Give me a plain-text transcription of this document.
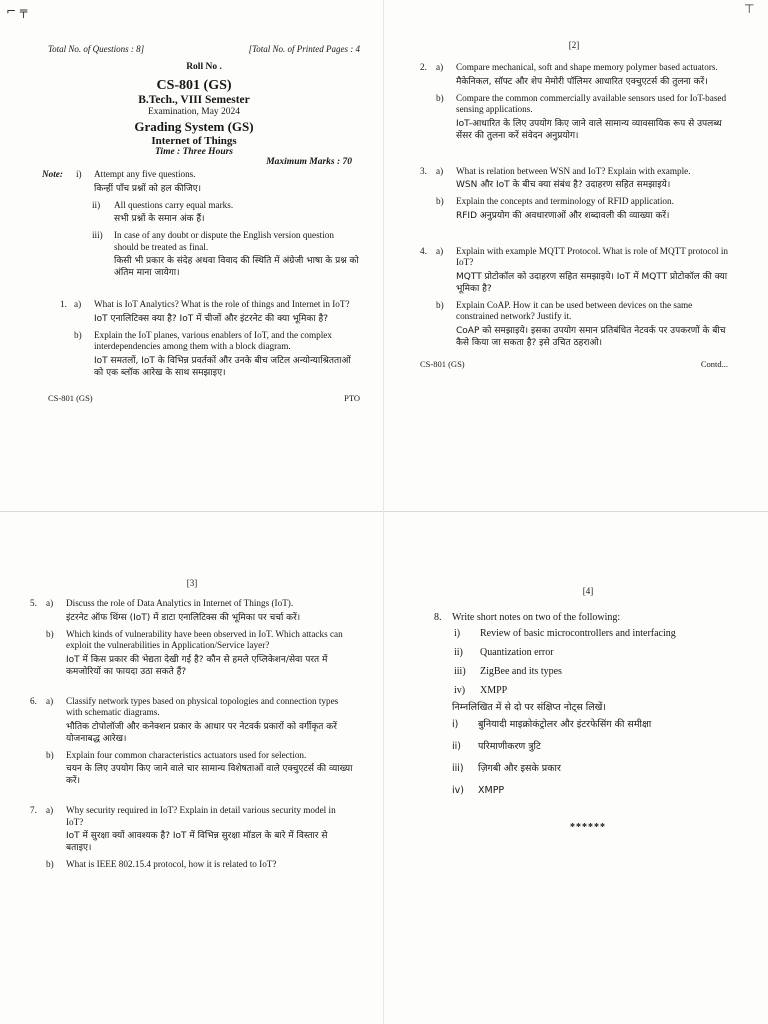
⌐ ╤	⊤
Total No. of Questions : 8]	[Total No. of Printed Pages : 4
Roll No .
CS-801 (GS)
B.Tech., VIII Semester
Examination, May 2024
Grading System (GS)
Internet of Things
Time : Three Hours
Maximum Marks : 70
Note:	i)	Attempt any five questions.
किन्हीं पाँच प्रश्नों को हल कीजिए।
ii)	All questions carry equal marks.
सभी प्रश्नों के समान अंक हैं।
iii)	In case of any doubt or dispute the English version question should be treated as final.
किसी भी प्रकार के संदेह अथवा विवाद की स्थिति में अंग्रेजी भाषा के प्रश्न को अंतिम माना जायेगा।
1. a)	What is IoT Analytics? What is the role of things and Internet in IoT?
IoT एनालिटिक्स क्या है? IoT में चीजों और इंटरनेट की क्या भूमिका है?
b)	Explain the IoT planes, various enablers of IoT, and the complex interdependencies among them with a block diagram.
IoT समतलों, IoT के विभिन्न प्रवर्तकों और उनके बीच जटिल अन्योन्याश्रितताओं को एक ब्लॉक आरेख के साथ समझाइए।
CS-801 (GS)	PTO
[2]
2. a)	Compare mechanical, soft and shape memory polymer based actuators.
मैकेनिकल, सॉफ्ट और शेप मेमोरी पॉलिमर आधारित एक्चुएटर्स की तुलना करें।
b)	Compare the common commercially available sensors used for IoT-based sensing applications.
IoT-आधारित के लिए उपयोग किए जाने वाले सामान्य व्यावसायिक रूप से उपलब्ध सेंसर की तुलना करें संवेदन अनुप्रयोग।
3. a)	What is relation between WSN and IoT? Explain with example.
WSN और IoT के बीच क्या संबंध है? उदाहरण सहित समझाइये।
b)	Explain the concepts and terminology of RFID application.
RFID अनुप्रयोग की अवधारणाओं और शब्दावली की व्याख्या करें।
4. a)	Explain with example MQTT Protocol. What is role of MQTT protocol in IoT?
MQTT प्रोटोकॉल को उदाहरण सहित समझाइये। IoT में MQTT प्रोटोकॉल की क्या भूमिका है?
b)	Explain CoAP. How it can be used between devices on the same constrained network? Justify it.
CoAP को समझाइये। इसका उपयोग समान प्रतिबंधित नेटवर्क पर उपकरणों के बीच कैसे किया जा सकता है? इसे उचित ठहराओ।
CS-801 (GS)	Contd...
[3]
5. a)	Discuss the role of Data Analytics in Internet of Things (IoT).
इंटरनेट ऑफ थिंग्स (IoT) में डाटा एनालिटिक्स की भूमिका पर चर्चा करें।
b)	Which kinds of vulnerability have been observed in IoT. Which attacks can exploit the vulnerabilities in Application/Service layer?
IoT में किस प्रकार की भेद्यता देखी गई है? कौन से हमले एप्लिकेशन/सेवा परत में कमजोरियों का फायदा उठा सकते हैं?
6. a)	Classify network types based on physical topologies and connection types with schematic diagrams.
भौतिक टोपोलॉजी और कनेक्शन प्रकार के आधार पर नेटवर्क प्रकारों को वर्गीकृत करें योजनाबद्ध आरेख।
b)	Explain four common characteristics actuators used for selection.
चयन के लिए उपयोग किए जाने वाले चार सामान्य विशेषताओं वाले एक्चुएटर्स की व्याख्या करें।
7. a)	Why security required in IoT? Explain in detail various security model in IoT?
IoT में सुरक्षा क्यों आवश्यक है? IoT में विभिन्न सुरक्षा मॉडल के बारे में विस्तार से बताइए।
b)	What is IEEE 802.15.4 protocol, how it is related to IoT?
[4]
8.	Write short notes on two of the following:
i)	Review of basic microcontrollers and interfacing
ii)	Quantization error
iii)	ZigBee and its types
iv)	XMPP
निम्नलिखित में से दो पर संक्षिप्त नोट्स लिखें।
i)	बुनियादी माइक्रोकंट्रोलर और इंटरफेसिंग की समीक्षा
ii)	परिमाणीकरण त्रुटि
iii)	ज़िगबी और इसके प्रकार
iv)	XMPP
******
